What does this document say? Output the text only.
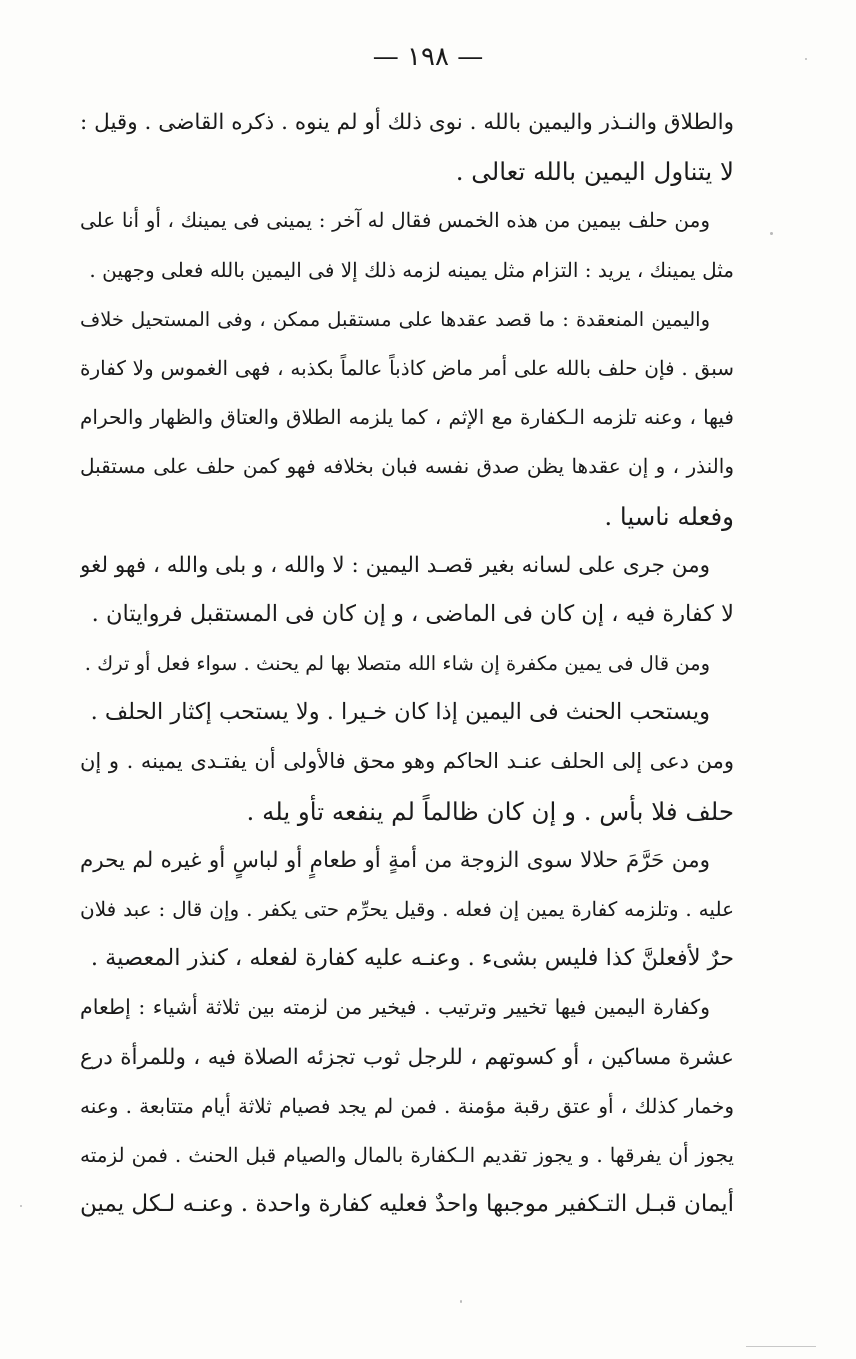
— ١٩٨ —
والطلاق والنـذر واليمين بالله . نوى ذلك أو لم ينوه . ذكره القاضى . وقيل :
لا يتناول اليمين بالله تعالى .
ومن حلف بيمين من هذه الخمس فقال له آخر : يمينى فى يمينك ، أو أنا على
مثل يمينك ، يريد : التزام مثل يمينه لزمه ذلك إلا فى اليمين بالله فعلى وجهين .
واليمين المنعقدة : ما قصد عقدها على مستقبل ممكن ، وفى المستحيل خلاف
سبق . فإن حلف بالله على أمر ماض كاذباً عالماً بكذبه ، فهى الغموس ولا كفارة
فيها ، وعنه تلزمه الـكفارة مع الإثم ، كما يلزمه الطلاق والعتاق والظهار والحرام
والنذر ، و إن عقدها يظن صدق نفسه فبان بخلافه فهو كمن حلف على مستقبل
وفعله ناسيا .
ومن جرى على لسانه بغير قصـد اليمين : لا والله ، و بلى والله ، فهو لغو
لا كفارة فيه ، إن كان فى الماضى ، و إن كان فى المستقبل فروايتان .
ومن قال فى يمين مكفرة إن شاء الله متصلا بها لم يحنث . سواء فعل أو ترك .
ويستحب الحنث فى اليمين إذا كان خـيرا . ولا يستحب إكثار الحلف .
ومن دعى إلى الحلف عنـد الحاكم وهو محق فالأولى أن يفتـدى يمينه . و إن
حلف فلا بأس . و إن كان ظالماً لم ينفعه تأو يله .
ومن حَرَّمَ حلالا سوى الزوجة من أمةٍ أو طعامٍ أو لباسٍ أو غيره لم يحرم
عليه . وتلزمه كفارة يمين إن فعله . وقيل يحرِّم حتى يكفر . وإن قال : عبد فلان
حرٌ لأفعلنَّ كذا فليس بشىء . وعنـه عليه كفارة لفعله ، كنذر المعصية .
وكفارة اليمين فيها تخيير وترتيب . فيخير من لزمته بين ثلاثة أشياء : إطعام
عشرة مساكين ، أو كسوتهم ، للرجل ثوب تجزئه الصلاة فيه ، وللمرأة درع
وخمار كذلك ، أو عتق رقبة مؤمنة . فمن لم يجد فصيام ثلاثة أيام متتابعة . وعنه
يجوز أن يفرقها . و يجوز تقديم الـكفارة بالمال والصيام قبل الحنث . فمن لزمته
أيمان قبـل التـكفير موجبها واحدٌ فعليه كفارة واحدة . وعنـه لـكل يمين
